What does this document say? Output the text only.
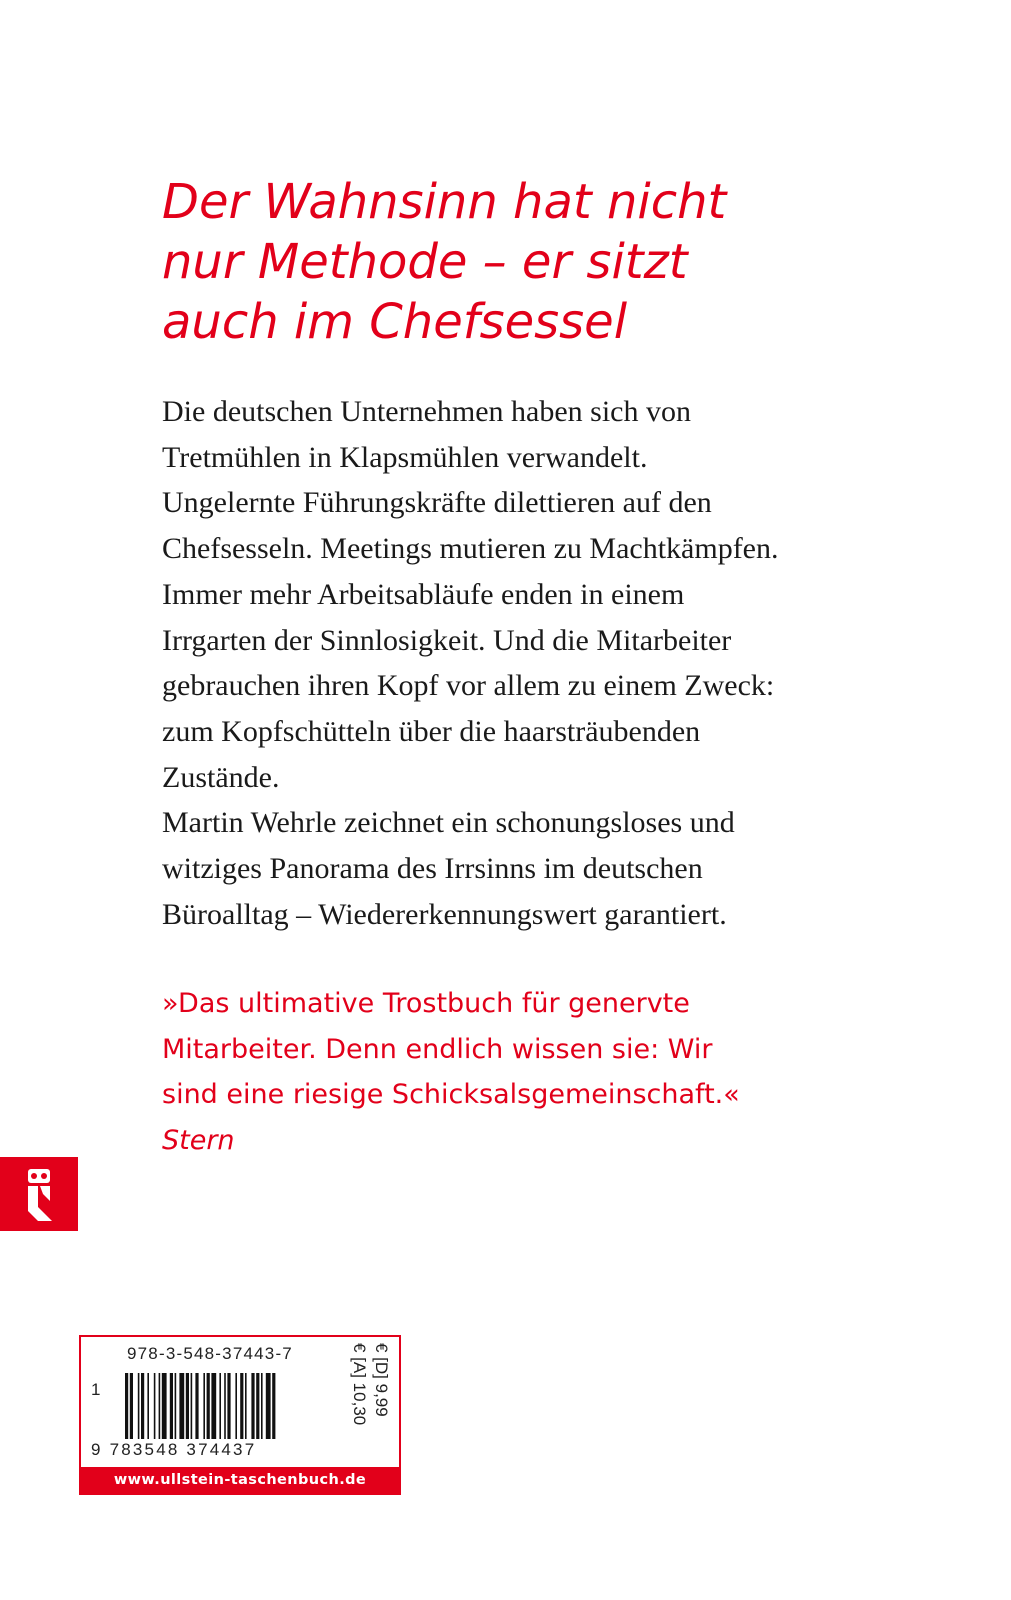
Der Wahnsinn hat nicht
nur Methode – er sitzt
auch im Chefsessel
Die deutschen Unternehmen haben sich von
Tretmühlen in Klapsmühlen verwandelt.
Ungelernte Führungskräfte dilettieren auf den
Chefsesseln. Meetings mutieren zu Machtkämpfen.
Immer mehr Arbeitsabläufe enden in einem
Irrgarten der Sinnlosigkeit. Und die Mitarbeiter
gebrauchen ihren Kopf vor allem zu einem Zweck:
zum Kopfschütteln über die haarsträubenden
Zustände.
Martin Wehrle zeichnet ein schonungsloses und
witziges Panorama des Irrsinns im deutschen
Büroalltag – Wiedererkennungswert garantiert.
»Das ultimative Trostbuch für genervte
Mitarbeiter. Denn endlich wissen sie: Wir
sind eine riesige Schicksalsgemeinschaft.«
Stern
978-3-548-37443-7
1
9 783548 374437
€ [D] 9,99
€ [A] 10,30
www.ullstein-taschenbuch.de
